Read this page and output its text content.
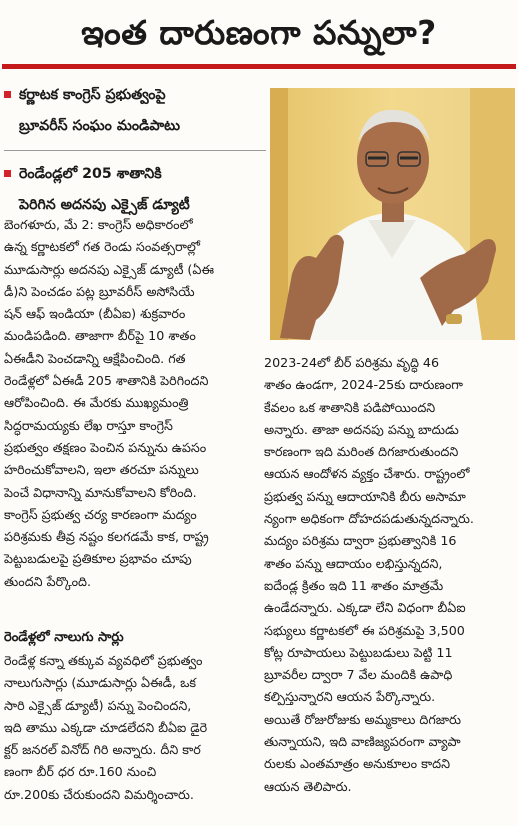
ఇంత దారుణంగా పన్నులా?
కర్ణాటక కాంగ్రెస్ ప్రభుత్వంపై
బ్రూవరీస్ సంఘం మండిపాటు
రెండేండ్లలో 205 శాతానికి
పెరిగిన అదనపు ఎక్సైజ్ డ్యూటీ
బెంగళూరు, మే 2: కాంగ్రెస్ అధికారంలో
ఉన్న కర్ణాటకలో గత రెండు సంవత్సరాల్లో
మూడుసార్లు అదనపు ఎక్సైజ్ డ్యూటీ (ఏఈ
డీ)ని పెంచడం పట్ల బ్రూవరీస్ అసోసియే
షన్ ఆఫ్ ఇండియా (బీఏఐ) శుక్రవారం
మండిపడింది. తాజాగా బీర్‌పై 10 శాతం
ఏఈడీని పెంచడాన్ని ఆక్షేపించింది. గత
రెండేళ్లలో ఏఈడీ 205 శాతానికి పెరిగిందని
ఆరోపించింది. ఈ మేరకు ముఖ్యమంత్రి
సిద్ధరామయ్యకు లేఖ రాస్తూ కాంగ్రెస్
ప్రభుత్వం తక్షణం పెంచిన పన్నును ఉపసం
హరించుకోవాలని, ఇలా తరచూ పన్నులు
పెంచే విధానాన్ని మానుకోవాలని కోరింది.
కాంగ్రెస్ ప్రభుత్వ చర్య కారణంగా మద్యం
పరిశ్రమకు తీవ్ర నష్టం కలగడమే కాక, రాష్ట్ర
పెట్టుబడులపై ప్రతికూల ప్రభావం చూపు
తుందని పేర్కొంది.
రెండేళ్లలో నాలుగు సార్లు
రెండేళ్ల కన్నా తక్కువ వ్యవధిలో ప్రభుత్వం
నాలుగుసార్లు (మూడుసార్లు ఏఈడీ, ఒక
సారి ఎక్సైజ్ డ్యూటీ) పన్ను పెంచిందని,
ఇది తాము ఎక్కడా చూడలేదని బీఏఐ డైరె
క్టర్ జనరల్ వినోద్ గిరి అన్నారు. దీని కార
ణంగా బీర్ ధర రూ.160 నుంచి
రూ.200కు చేరుకుందని విమర్శించారు.
2023-24లో బీర్ పరిశ్రమ వృద్ధి 46
శాతం ఉండగా, 2024-25కు దారుణంగా
కేవలం ఒక శాతానికి పడిపోయిందని
అన్నారు. తాజా అదనపు పన్ను బాదుడు
కారణంగా ఇది మరింత దిగజారుతుందని
ఆయన ఆందోళన వ్యక్తం చేశారు. రాష్ట్రంలో
ప్రభుత్వ పన్ను ఆదాయానికి బీరు అసామా
న్యంగా అధికంగా దోహదపడుతున్నదన్నారు.
మద్యం పరిశ్రమ ద్వారా ప్రభుత్వానికి 16
శాతం పన్ను ఆదాయం లభిస్తున్నదని,
ఐదేండ్ల క్రితం ఇది 11 శాతం మాత్రమే
ఉండేదన్నారు. ఎక్కడా లేని విధంగా బీఏఐ
సభ్యులు కర్ణాటకలో ఈ పరిశ్రమపై 3,500
కోట్ల రూపాయలు పెట్టుబడులు పెట్టి 11
బ్రూవరీల ద్వారా 7 వేల మందికి ఉపాధి
కల్పిస్తున్నారని ఆయన పేర్కొన్నారు.
అయితే రోజురోజుకు అమ్మకాలు దిగజారు
తున్నాయని, ఇది వాణిజ్యపరంగా వ్యాపా
రులకు ఎంతమాత్రం అనుకూలం కాదని
ఆయన తెలిపారు.
